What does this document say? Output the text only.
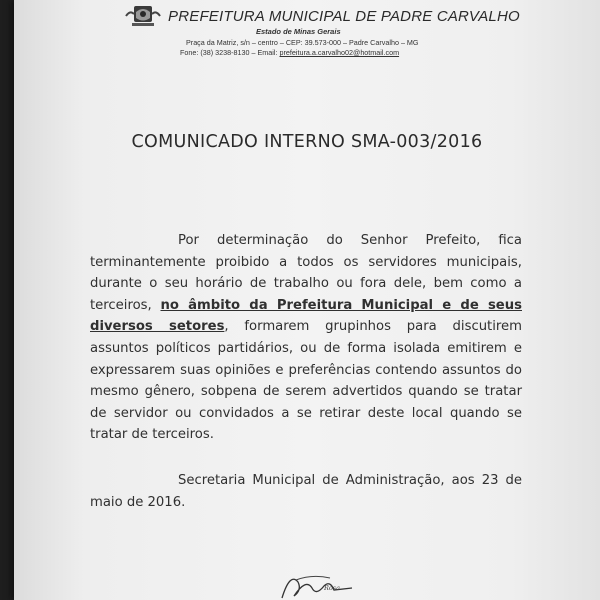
PREFEITURA MUNICIPAL DE PADRE CARVALHO
Estado de Minas Gerais
Praça da Matriz, s/n – centro – CEP: 39.573-000 – Padre Carvalho – MG
Fone: (38) 3238-8130 – Email: prefeitura.a.carvalho02@hotmail.com
COMUNICADO INTERNO SMA-003/2016

Por determinação do Senhor Prefeito, fica terminantemente proibido a todos os servidores municipais, durante o seu horário de trabalho ou fora dele, bem como a terceiros, no âmbito da Prefeitura Municipal e de seus diversos setores, formarem grupinhos para discutirem assuntos políticos partidários, ou de forma isolada emitirem e expressarem suas opiniões e preferências contendo assuntos do mesmo gênero, sobpena de serem advertidos quando se tratar de servidor ou convidados a se retirar deste local quando se tratar de terceiros.

Secretaria Municipal de Administração, aos 23 de maio de 2016.

Rosa
